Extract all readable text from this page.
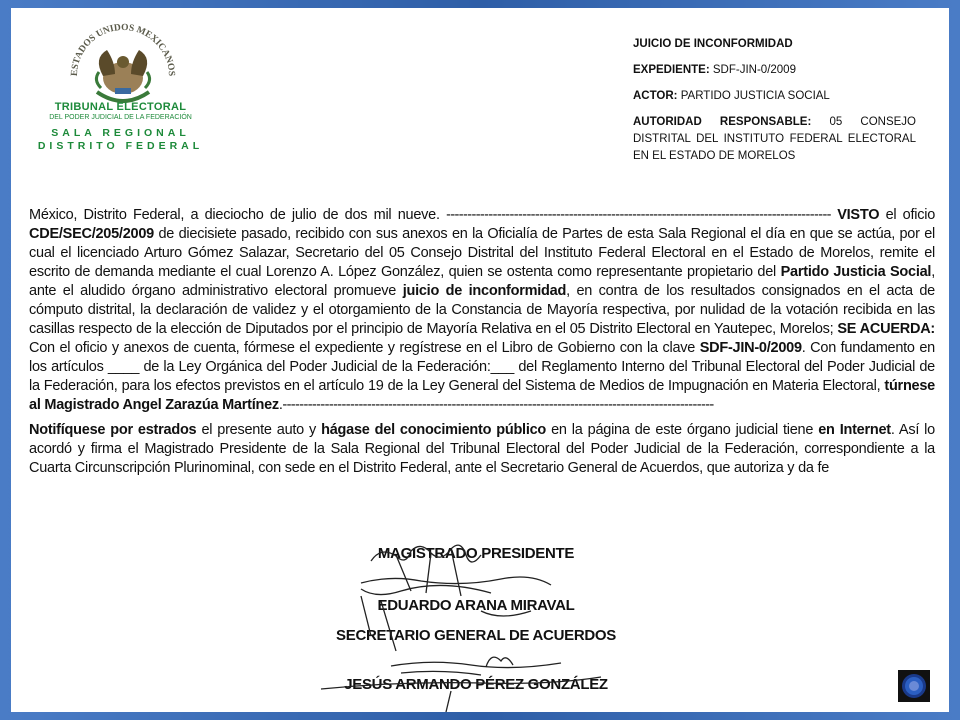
ESTADOS UNIDOS MEXICANOS
TRIBUNAL ELECTORAL
DEL PODER JUDICIAL DE LA FEDERACIÓN
SALA REGIONAL
DISTRITO FEDERAL

JUICIO DE INCONFORMIDAD

EXPEDIENTE: SDF-JIN-0/2009

ACTOR: PARTIDO JUSTICIA SOCIAL

AUTORIDAD RESPONSABLE: 05 CONSEJO DISTRITAL DEL INSTITUTO FEDERAL ELECTORAL EN EL ESTADO DE MORELOS

México, Distrito Federal, a dieciocho de julio de dos mil nueve. ------------------------------------------------------------------------------------------- VISTO el oficio CDE/SEC/205/2009 de diecisiete pasado, recibido con sus anexos en la Oficialía de Partes de esta Sala Regional el día en que se actúa, por el cual el licenciado Arturo Gómez Salazar, Secretario del 05 Consejo Distrital del Instituto Federal Electoral en el Estado de Morelos, remite el escrito de demanda mediante el cual Lorenzo A. López González, quien se ostenta como representante propietario del Partido Justicia Social, ante el aludido órgano administrativo electoral promueve juicio de inconformidad, en contra de los resultados consignados en el acta de cómputo distrital, la declaración de validez y el otorgamiento de la Constancia de Mayoría respectiva, por nulidad de la votación recibida en las casillas respecto de la elección de Diputados por el principio de Mayoría Relativa en el 05 Distrito Electoral en Yautepec, Morelos; SE ACUERDA: Con el oficio y anexos de cuenta, fórmese el expediente y regístrese en el Libro de Gobierno con la clave SDF-JIN-0/2009. Con fundamento en los artículos ____ de la Ley Orgánica del Poder Judicial de la Federación:___ del Reglamento Interno del Tribunal Electoral del Poder Judicial de la Federación, para los efectos previstos en el artículo 19 de la Ley General del Sistema de Medios de Impugnación en Materia Electoral, túrnese al Magistrado Angel Zarazúa Martínez.------------------------------------------------------------------------------------------------------

Notifíquese por estrados el presente auto y hágase del conocimiento público en la página de este órgano judicial tiene en Internet. Así lo acordó y firma el Magistrado Presidente de la Sala Regional del Tribunal Electoral del Poder Judicial de la Federación, correspondiente a la Cuarta Circunscripción Plurinominal, con sede en el Distrito Federal, ante el Secretario General de Acuerdos, que autoriza y da fe

MAGISTRADO PRESIDENTE
EDUARDO ARANA MIRAVAL
SECRETARIO GENERAL DE ACUERDOS
JESÚS ARMANDO PÉREZ GONZÁLEZ
